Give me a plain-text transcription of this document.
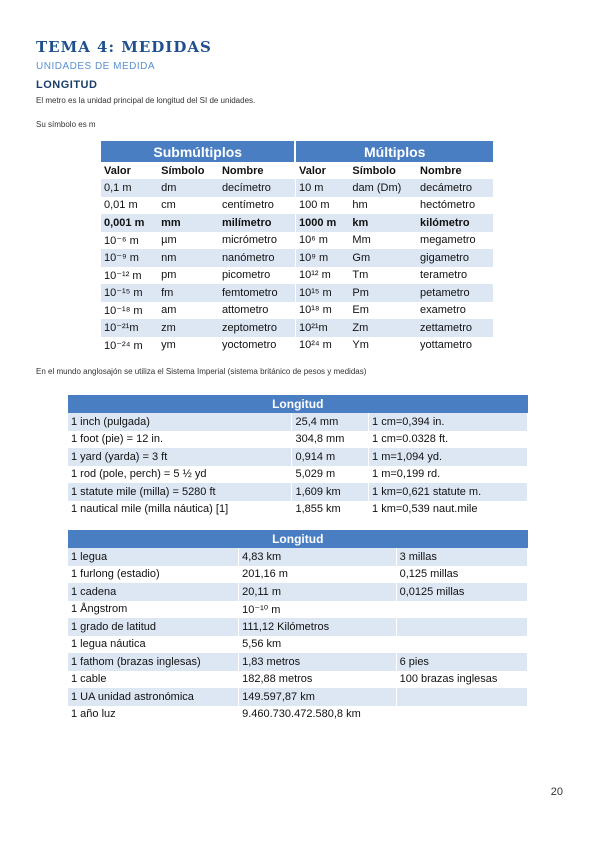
TEMA 4: MEDIDAS
UNIDADES DE MEDIDA
LONGITUD
El metro es la unidad principal de longitud del SI de unidades.
Su símbolo es m
Submúltiplos			Múltiplos		
Valor	Símbolo	Nombre	Valor	Símbolo	Nombre
0,1 m	dm	decímetro	10 m	dam (Dm)	decámetro
0,01 m	cm	centímetro	100 m	hm	hectómetro
0,001 m	mm	milímetro	1000 m	km	kilómetro
10⁻⁶ m	µm	micrómetro	10⁶ m	Mm	megametro
10⁻⁹ m	nm	nanómetro	10⁹ m	Gm	gigametro
10⁻¹² m	pm	picometro	10¹² m	Tm	terametro
10⁻¹⁵ m	fm	femtometro	10¹⁵ m	Pm	petametro
10⁻¹⁸ m	am	attometro	10¹⁸ m	Em	exametro
10⁻²¹m	zm	zeptometro	10²¹m	Zm	zettametro
10⁻²⁴ m	ym	yoctometro	10²⁴ m	Ym	yottametro
En el mundo anglosajón se utiliza el Sistema Imperial (sistema británico de pesos y medidas)
Longitud		
1 inch (pulgada)	25,4 mm	1 cm=0,394 in.
1 foot (pie) = 12 in.	304,8 mm	1 cm=0.0328 ft.
1 yard (yarda) = 3 ft	0,914 m	1 m=1,094 yd.
1 rod (pole, perch) = 5 ½ yd	5,029 m	1 m=0,199 rd.
1 statute mile (milla) = 5280 ft	1,609 km	1 km=0,621 statute m.
1 nautical mile (milla náutica) [1]	1,855 km	1 km=0,539 naut.mile
Longitud		
1 legua	4,83 km	3 millas
1 furlong (estadio)	201,16 m	0,125 millas
1 cadena	20,11 m	0,0125 millas
1 Ångstrom	10⁻¹⁰ m	
1 grado de latitud	111,12 Kilómetros	
1 legua náutica	5,56 km	
1 fathom (brazas inglesas)	1,83 metros	6 pies
1 cable	182,88 metros	100 brazas inglesas
1 UA unidad astronómica	149.597,87 km	
1 año luz	9.460.730.472.580,8 km	
20
